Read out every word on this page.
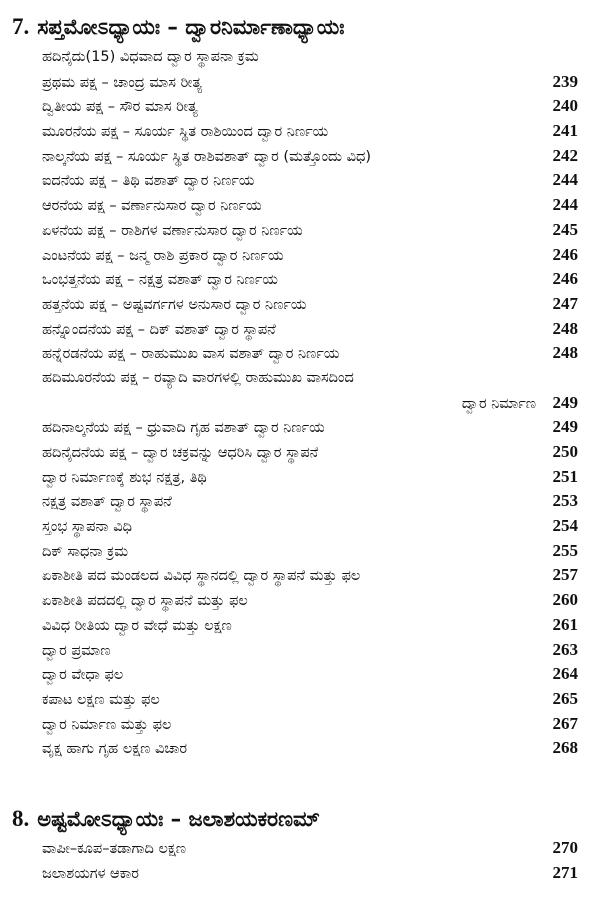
7. ಸಪ್ತಮೋಽಧ್ಯಾಯಃ – ದ್ವಾರನಿರ್ಮಾಣಾಧ್ಯಾಯಃ
ಹದಿನೈದು(15) ವಿಧವಾದ ದ್ವಾರ ಸ್ಥಾಪನಾ ಕ್ರಮ
ಪ್ರಥಮ ಪಕ್ಷ – ಚಾಂದ್ರ ಮಾಸ ರೀತ್ಯ	239
ದ್ವಿತೀಯ ಪಕ್ಷ – ಸೌರ ಮಾಸ ರೀತ್ಯ	240
ಮೂರನೆಯ ಪಕ್ಷ – ಸೂರ್ಯ ಸ್ಥಿತ ರಾಶಿಯಿಂದ ದ್ವಾರ ನಿರ್ಣಯ	241
ನಾಲ್ಕನೆಯ ಪಕ್ಷ – ಸೂರ್ಯ ಸ್ಥಿತ ರಾಶಿವಶಾತ್ ದ್ವಾರ (ಮತ್ತೊಂದು ವಿಧ)	242
ಐದನೆಯ ಪಕ್ಷ – ತಿಥಿ ವಶಾತ್ ದ್ವಾರ ನಿರ್ಣಯ	244
ಆರನೆಯ ಪಕ್ಷ – ವರ್ಣಾನುಸಾರ ದ್ವಾರ ನಿರ್ಣಯ	244
ಏಳನೆಯ ಪಕ್ಷ – ರಾಶಿಗಳ ವರ್ಣಾನುಸಾರ ದ್ವಾರ ನಿರ್ಣಯ	245
ಎಂಟನೆಯ ಪಕ್ಷ – ಜನ್ಮ ರಾಶಿ ಪ್ರಕಾರ ದ್ವಾರ ನಿರ್ಣಯ	246
ಒಂಭತ್ತನೆಯ ಪಕ್ಷ – ನಕ್ಷತ್ರ ವಶಾತ್ ದ್ವಾರ ನಿರ್ಣಯ	246
ಹತ್ತನೆಯ ಪಕ್ಷ – ಅಷ್ಟವರ್ಗಗಳ ಅನುಸಾರ ದ್ವಾರ ನಿರ್ಣಯ	247
ಹನ್ನೊಂದನೆಯ ಪಕ್ಷ – ದಿಕ್ ವಶಾತ್ ದ್ವಾರ ಸ್ಥಾಪನೆ	248
ಹನ್ನೆರಡನೆಯ ಪಕ್ಷ – ರಾಹುಮುಖ ವಾಸ ವಶಾತ್ ದ್ವಾರ ನಿರ್ಣಯ	248
ಹದಿಮೂರನೆಯ ಪಕ್ಷ – ರವ್ಯಾದಿ ವಾರಗಳಲ್ಲಿ ರಾಹುಮುಖ ವಾಸದಿಂದ
ದ್ವಾರ ನಿರ್ಮಾಣ 249
ಹದಿನಾಲ್ಕನೆಯ ಪಕ್ಷ – ಧ್ರುವಾದಿ ಗೃಹ ವಶಾತ್ ದ್ವಾರ ನಿರ್ಣಯ	249
ಹದಿನೈದನೆಯ ಪಕ್ಷ – ದ್ವಾರ ಚಕ್ರವನ್ನು ಆಧರಿಸಿ ದ್ವಾರ ಸ್ಥಾಪನೆ	250
ದ್ವಾರ ನಿರ್ಮಾಣಕ್ಕೆ ಶುಭ ನಕ್ಷತ್ರ, ತಿಥಿ	251
ನಕ್ಷತ್ರ ವಶಾತ್ ದ್ವಾರ ಸ್ಥಾಪನೆ	253
ಸ್ತಂಭ ಸ್ಥಾಪನಾ ವಿಧಿ	254
ದಿಕ್ ಸಾಧನಾ ಕ್ರಮ	255
ಏಕಾಶೀತಿ ಪದ ಮಂಡಲದ ವಿವಿಧ ಸ್ಥಾನದಲ್ಲಿ ದ್ವಾರ ಸ್ಥಾಪನೆ ಮತ್ತು ಫಲ	257
ಏಕಾಶೀತಿ ಪದದಲ್ಲಿ ದ್ವಾರ ಸ್ಥಾಪನೆ ಮತ್ತು ಫಲ	260
ವಿವಿಧ ರೀತಿಯ ದ್ವಾರ ವೇಧೆ ಮತ್ತು ಲಕ್ಷಣ	261
ದ್ವಾರ ಪ್ರಮಾಣ	263
ದ್ವಾರ ವೇಧಾ ಫಲ	264
ಕಪಾಟ ಲಕ್ಷಣ ಮತ್ತು ಫಲ	265
ದ್ವಾರ ನಿರ್ಮಾಣ ಮತ್ತು ಫಲ	267
ವೃಕ್ಷ ಹಾಗು ಗೃಹ ಲಕ್ಷಣ ವಿಚಾರ	268
8. ಅಷ್ಟಮೋಽಧ್ಯಾಯಃ – ಜಲಾಶಯಕರಣಮ್
ವಾಪೀ–ಕೂಪ–ತಡಾಗಾದಿ ಲಕ್ಷಣ	270
ಜಲಾಶಯಗಳ ಆಕಾರ	271
